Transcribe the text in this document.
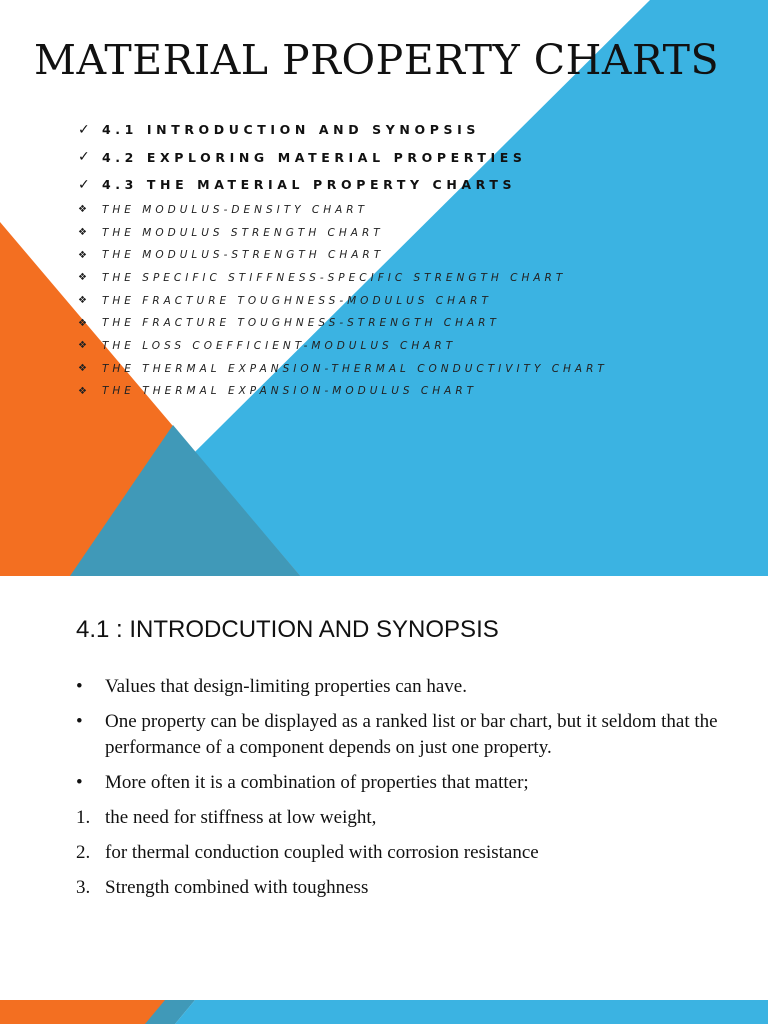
MATERIAL PROPERTY CHARTS
✓ 4.1 INTRODUCTION AND SYNOPSIS
✓ 4.2 EXPLORING MATERIAL PROPERTIES
✓ 4.3 THE MATERIAL PROPERTY CHARTS
❖	THE MODULUS-DENSITY CHART
❖	THE MODULUS STRENGTH CHART
❖	THE MODULUS-STRENGTH CHART
❖	THE SPECIFIC STIFFNESS-SPECIFIC STRENGTH CHART
❖	THE FRACTURE TOUGHNESS-MODULUS CHART
❖	THE FRACTURE TOUGHNESS-STRENGTH CHART
❖	THE LOSS COEFFICIENT-MODULUS CHART
❖	THE THERMAL EXPANSION-THERMAL CONDUCTIVITY CHART
❖	THE THERMAL EXPANSION-MODULUS CHART
4.1 : INTRODCUTION AND SYNOPSIS
•	Values that design-limiting properties can have.
•	One property can be displayed as a ranked list or bar chart, but it seldom that the performance of a component depends on just one property.
•	More often it is a combination of properties that matter;
1. the need for stiffness at low weight,
2. for thermal conduction coupled with corrosion resistance
3. Strength combined with toughness
